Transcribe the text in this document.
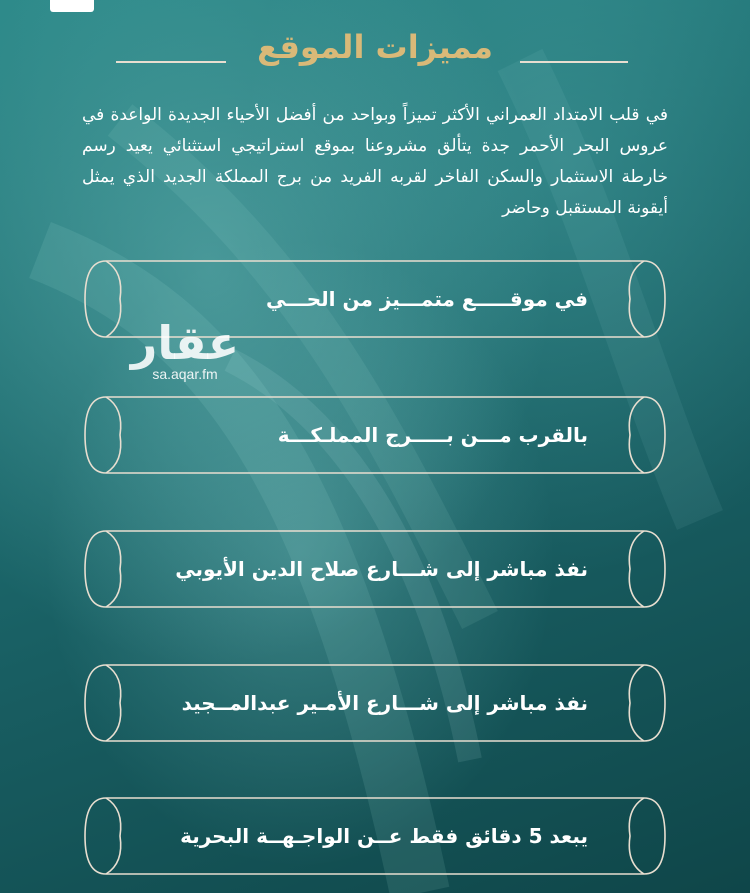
مميزات الموقع
في قلب الامتداد العمراني الأكثر تميزاً وبواحد من أفضل الأحياء الجديدة الواعدة في عروس البحر الأحمر جدة يتألق مشروعنا بموقع استراتيجي استثنائي يعيد رسم خارطة الاستثمار والسكن الفاخر لقربه الفريد من برج المملكة الجديد الذي يمثل أيقونة المستقبل وحاضر
في موقـــــع متمـــيز من الحـــي
بالقرب مـــن بـــــرج المملـكـــة
نفذ مباشر إلى شـــارع صلاح الدين الأيوبي
نفذ مباشر إلى شـــارع الأمـير عبدالمــجيد
يبعد 5 دقائق فقط عــن الواجـهــة البحرية
عقار
sa.aqar.fm
